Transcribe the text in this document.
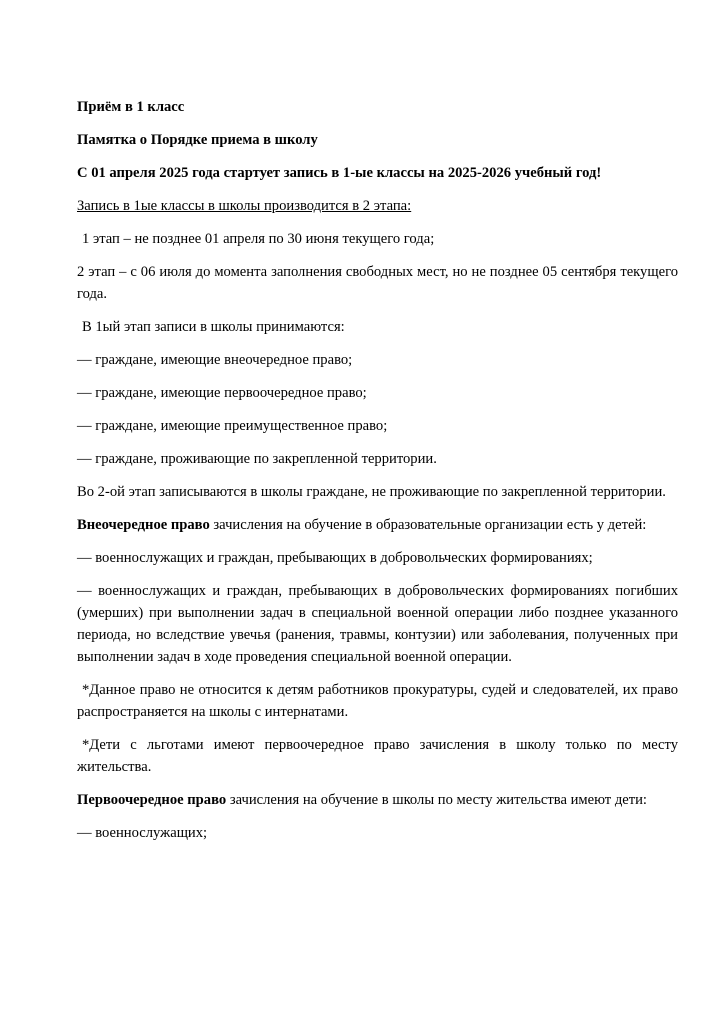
Приём в 1 класс

Памятка о Порядке приема в школу

С 01 апреля 2025 года стартует запись в 1-ые классы на 2025-2026 учебный год!

Запись в 1ые классы в школы производится в 2 этапа:

1 этап – не позднее 01 апреля по 30 июня текущего года;

2 этап – с 06 июля до момента заполнения свободных мест, но не позднее 05 сентября текущего года.

В 1ый этап записи в школы принимаются:

— граждане, имеющие внеочередное право;

— граждане, имеющие первоочередное право;

— граждане, имеющие преимущественное право;

— граждане, проживающие по закрепленной территории.

Во 2-ой этап записываются в школы граждане, не проживающие по закрепленной территории.

Внеочередное право зачисления на обучение в образовательные организации есть у детей:

— военнослужащих и граждан, пребывающих в добровольческих формированиях;

— военнослужащих и граждан, пребывающих в добровольческих формированиях погибших (умерших) при выполнении задач в специальной военной операции либо позднее указанного периода, но вследствие увечья (ранения, травмы, контузии) или заболевания, полученных при выполнении задач в ходе проведения специальной военной операции.

*Данное право не относится к детям работников прокуратуры, судей и следователей, их право распространяется на школы с интернатами.

*Дети с льготами имеют первоочередное право зачисления в школу только по месту жительства.

Первоочередное право зачисления на обучение в школы по месту жительства имеют дети:

— военнослужащих;
